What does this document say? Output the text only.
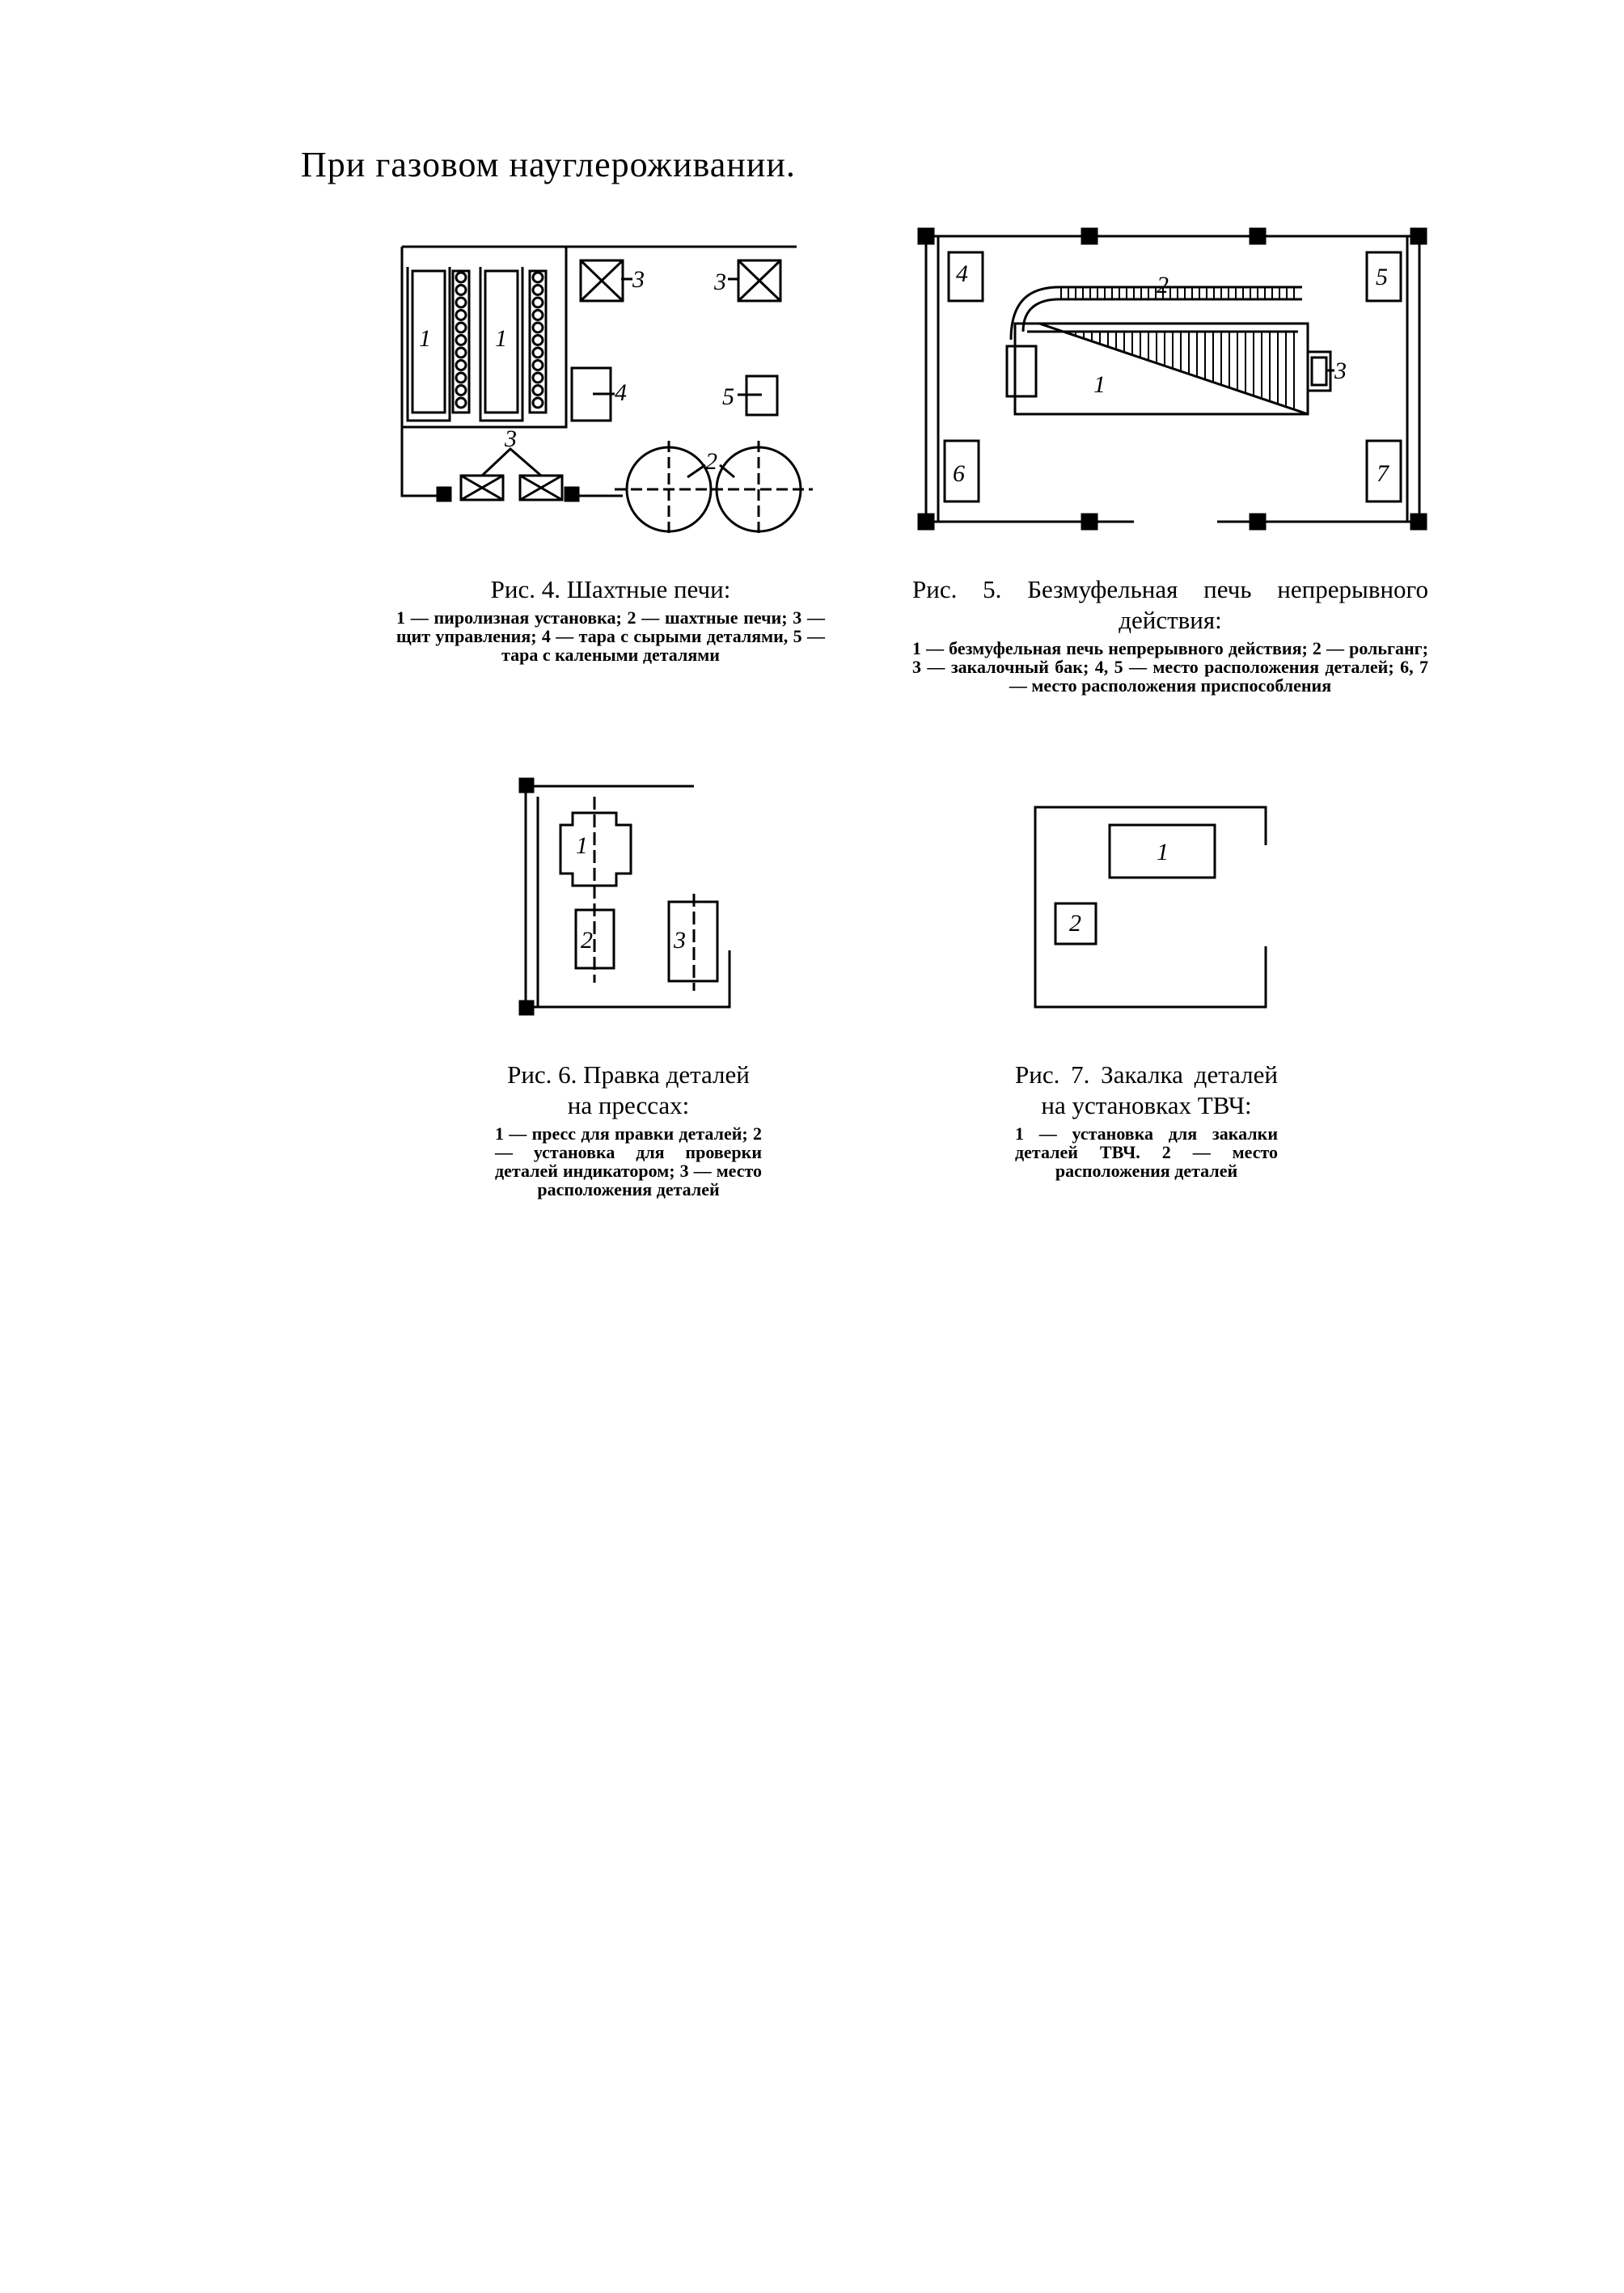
При газовом науглероживании.
1	1
2
3	3
3
4	5
Рис. 4. Шахтные печи:
1 — пиролизная установка; 2 — шахтные печи; 3 — щит управления; 4 — тара с сырыми деталями, 5 — тара с калеными деталями
1
2
3
4	5
6	7
Рис. 5. Безмуфельная печь непрерывного действия:
1 — безмуфельная печь непрерывного действия; 2 — рольганг; 3 — закалочный бак; 4, 5 — место расположения деталей; 6, 7 — место расположения приспособления
1
2	3
Рис. 6. Правка деталей на прессах:
1 — пресс для правки деталей; 2 — установка для проверки деталей индикатором; 3 — место расположения деталей
1
2
Рис. 7. Закалка деталей на установках ТВЧ:
1 — установка для закалки деталей ТВЧ. 2 — место расположения деталей
